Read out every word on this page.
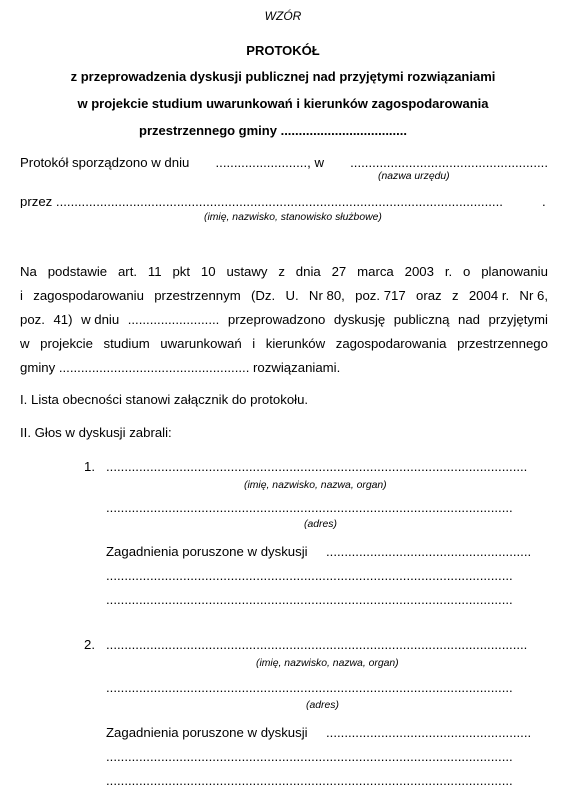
WZÓR
PROTOKÓŁ
z przeprowadzenia dyskusji publicznej nad przyjętymi rozwiązaniami
w projekcie studium uwarunkowań i kierunków zagospodarowania
przestrzennego gminy ...................................
Protokół sporządzono w dniu ........................., w ......................................................
(nazwa urzędu)
przez ..........................................................................................................................	.
(imię, nazwisko, stanowisko służbowe)
Na podstawie art. 11 pkt 10 ustawy z dnia 27 marca 2003 r. o planowaniu
i zagospodarowaniu przestrzennym (Dz. U. Nr 80, poz. 717 oraz z 2004 r. Nr 6,
poz. 41) w dniu ......................... przeprowadzono dyskusję publiczną nad przyjętymi
w projekcie studium uwarunkowań i kierunków zagospodarowania przestrzennego
gminy .................................................... rozwiązaniami.
I. Lista obecności stanowi załącznik do protokołu.
II. Głos w dyskusji zabrali:
1. ...................................................................................................................
(imię, nazwisko, nazwa, organ)
...............................................................................................................
(adres)
Zagadnienia poruszone w dyskusji ........................................................
...............................................................................................................
...............................................................................................................
2. ...................................................................................................................
(imię, nazwisko, nazwa, organ)
...............................................................................................................
(adres)
Zagadnienia poruszone w dyskusji ........................................................
...............................................................................................................
...............................................................................................................
